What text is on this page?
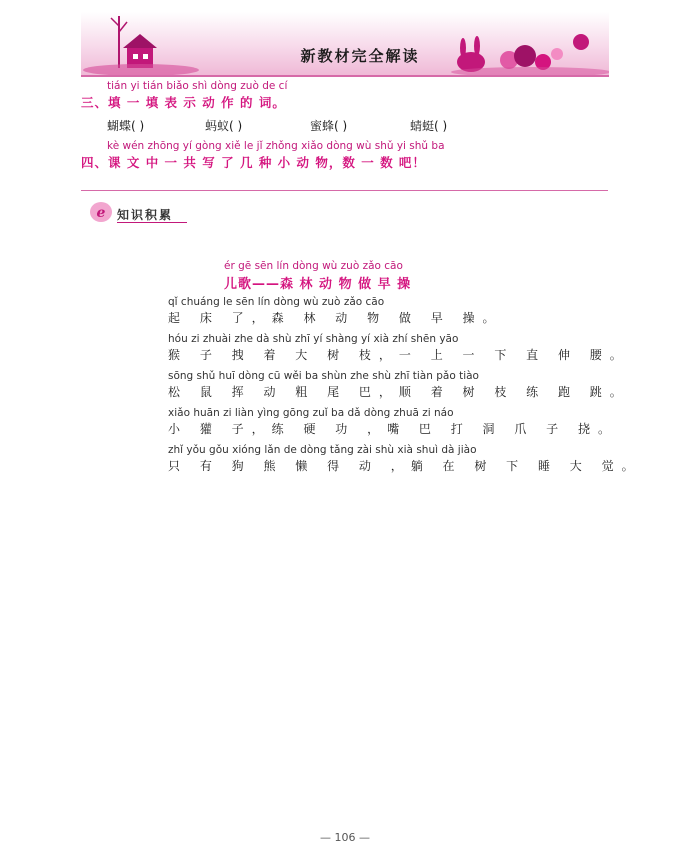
新教材完全解读
tián yi tián biǎo shì dòng zuò de cí
三、填 一 填 表 示 动 作 的 词。
蝴蝶( )	蚂蚁( )	蜜蜂( )	蜻蜓( )
kè wén zhōng yí gòng xiě le jǐ zhǒng xiǎo dòng wù shǔ yi shǔ ba
四、课 文 中 一 共 写 了 几 种 小 动 物，数 一 数 吧！
e 知识积累
ér gē sēn lín dòng wù zuò zǎo cāo
儿歌——森 林 动 物 做 早 操
qǐ chuáng le sēn lín dòng wù zuò zǎo cāo
起 床 了，森 林 动 物 做 早 操。
hóu zi zhuài zhe dà shù zhī yí shàng yí xià zhí shēn yāo
猴 子 拽 着 大 树 枝，一 上 一 下 直 伸 腰。
sōng shǔ huī dòng cū wěi ba shùn zhe shù zhī tiàn pǎo tiào
松 鼠 挥 动 粗 尾 巴，顺 着 树 枝 练 跑 跳。
xiǎo huān zi liàn yìng gōng zuǐ ba dǎ dòng zhuā zi náo
小 獾 子，练 硬 功 ，嘴 巴 打 洞 爪 子 挠。
zhǐ yǒu gǒu xióng lǎn de dòng tǎng zài shù xià shuì dà jiào
只 有 狗 熊 懒 得 动 ，躺 在 树 下 睡 大 觉。
— 106 —
